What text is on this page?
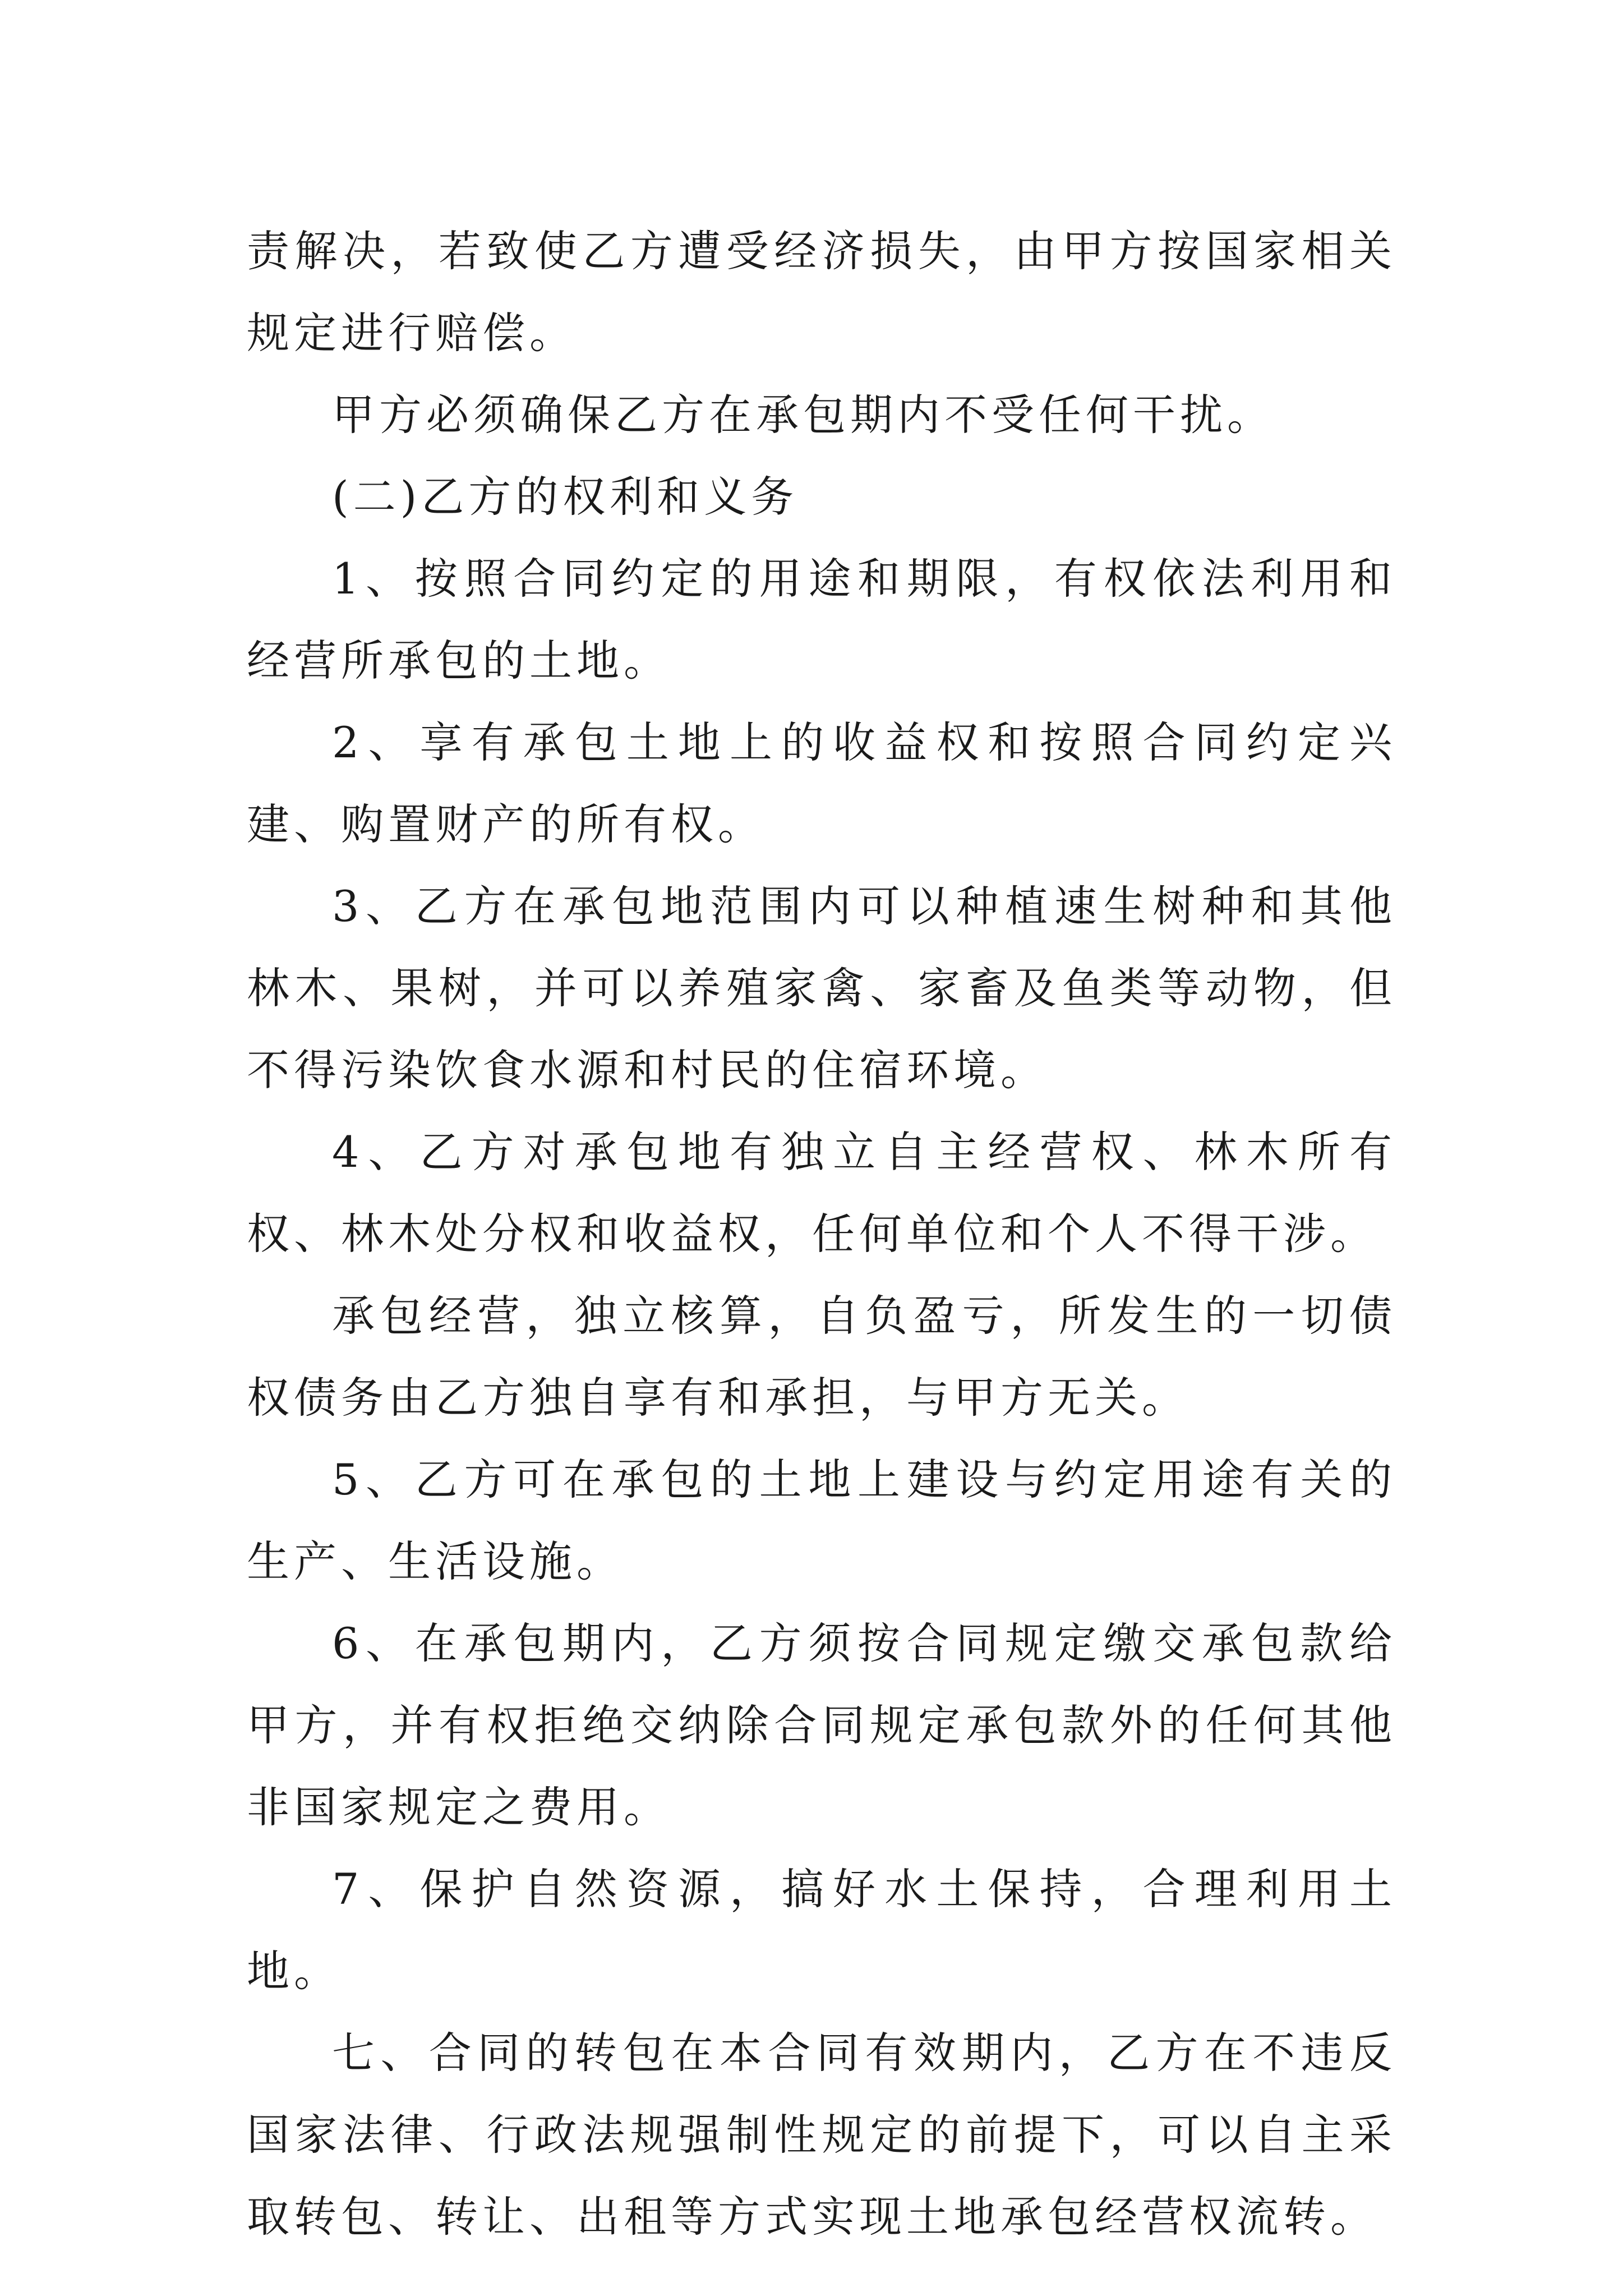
责解决，若致使乙方遭受经济损失，由甲方按国家相关规定进行赔偿。

甲方必须确保乙方在承包期内不受任何干扰。

(二)乙方的权利和义务

1、按照合同约定的用途和期限，有权依法利用和经营所承包的土地。

2、享有承包土地上的收益权和按照合同约定兴建、购置财产的所有权。

3、乙方在承包地范围内可以种植速生树种和其他林木、果树，并可以养殖家禽、家畜及鱼类等动物，但不得污染饮食水源和村民的住宿环境。

4、乙方对承包地有独立自主经营权、林木所有权、林木处分权和收益权，任何单位和个人不得干涉。

承包经营，独立核算，自负盈亏，所发生的一切债权债务由乙方独自享有和承担，与甲方无关。

5、乙方可在承包的土地上建设与约定用途有关的生产、生活设施。

6、在承包期内，乙方须按合同规定缴交承包款给甲方，并有权拒绝交纳除合同规定承包款外的任何其他非国家规定之费用。

7、保护自然资源，搞好水土保持，合理利用土地。

七、合同的转包在本合同有效期内，乙方在不违反国家法律、行政法规强制性规定的前提下，可以自主采取转包、转让、出租等方式实现土地承包经营权流转。
